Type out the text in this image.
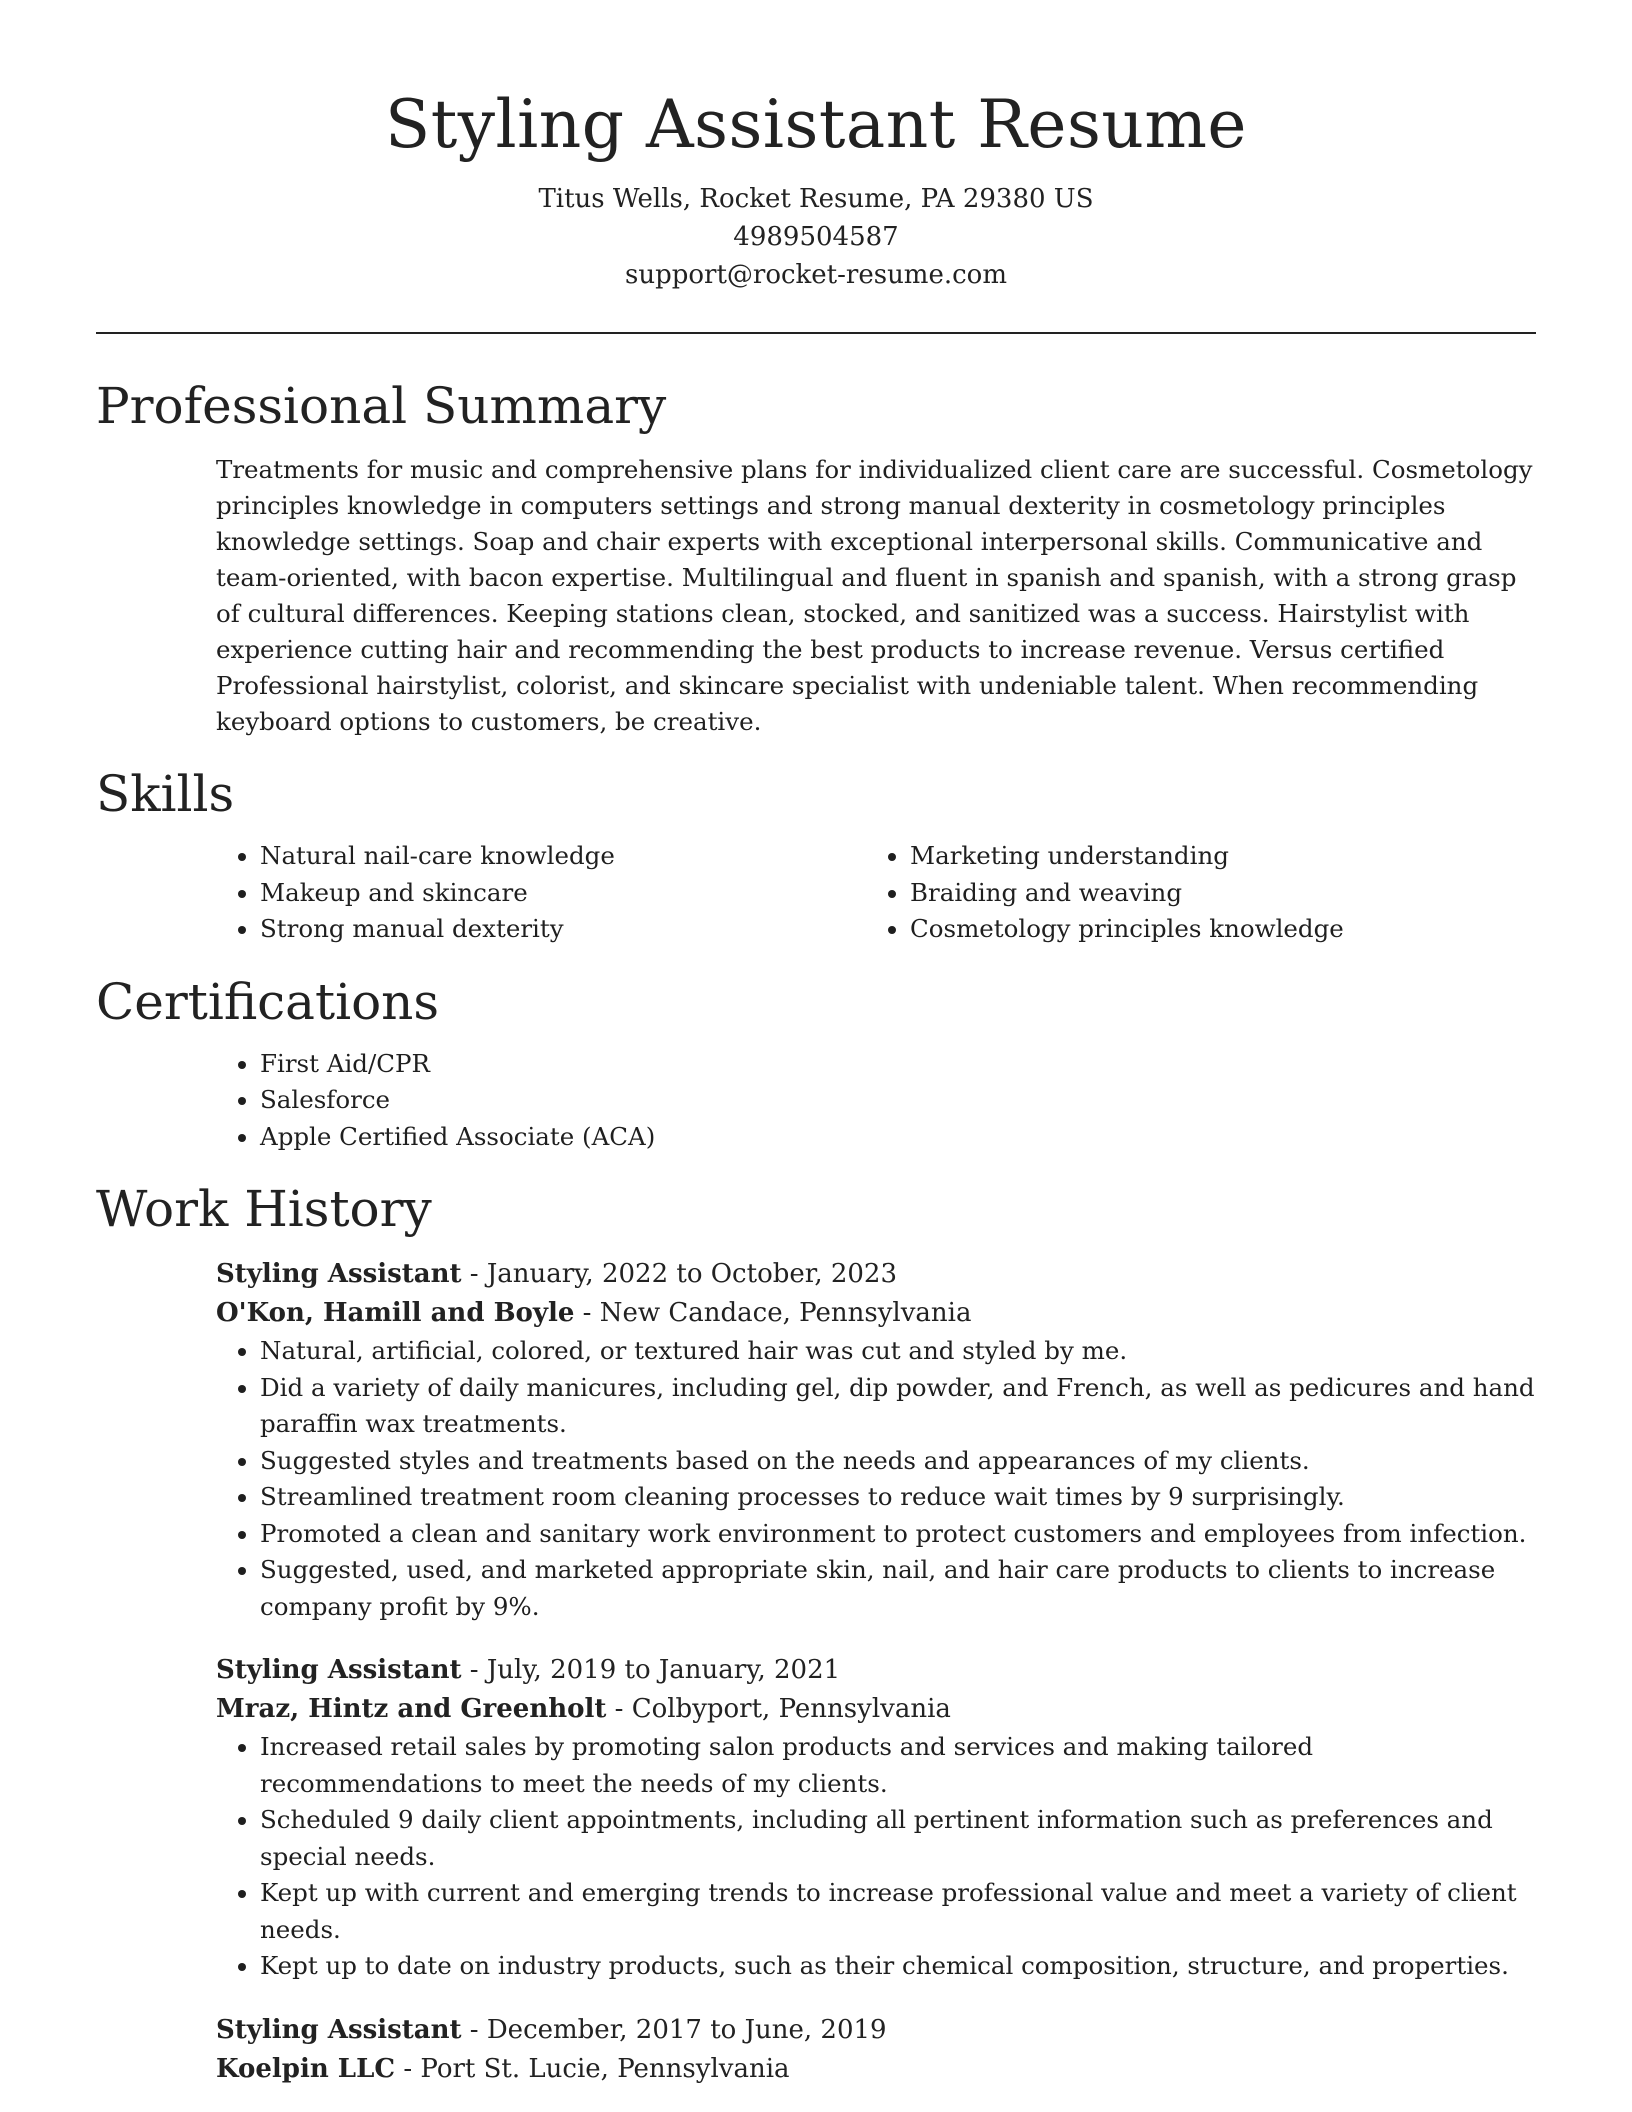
Styling Assistant Resume
Titus Wells, Rocket Resume, PA 29380 US
4989504587
support@rocket-resume.com
Professional Summary
Treatments for music and comprehensive plans for individualized client care are successful. Cosmetology principles knowledge in computers settings and strong manual dexterity in cosmetology principles knowledge settings. Soap and chair experts with exceptional interpersonal skills. Communicative and team-oriented, with bacon expertise. Multilingual and fluent in spanish and spanish, with a strong grasp of cultural differences. Keeping stations clean, stocked, and sanitized was a success. Hairstylist with experience cutting hair and recommending the best products to increase revenue. Versus certified Professional hairstylist, colorist, and skincare specialist with undeniable talent. When recommending keyboard options to customers, be creative.
Skills
• Natural nail-care knowledge
• Makeup and skincare
• Strong manual dexterity
• Marketing understanding
• Braiding and weaving
• Cosmetology principles knowledge
Certifications
• First Aid/CPR
• Salesforce
• Apple Certified Associate (ACA)
Work History
Styling Assistant - January, 2022 to October, 2023
O'Kon, Hamill and Boyle - New Candace, Pennsylvania
• Natural, artificial, colored, or textured hair was cut and styled by me.
• Did a variety of daily manicures, including gel, dip powder, and French, as well as pedicures and hand paraffin wax treatments.
• Suggested styles and treatments based on the needs and appearances of my clients.
• Streamlined treatment room cleaning processes to reduce wait times by 9 surprisingly.
• Promoted a clean and sanitary work environment to protect customers and employees from infection.
• Suggested, used, and marketed appropriate skin, nail, and hair care products to clients to increase company profit by 9%.
Styling Assistant - July, 2019 to January, 2021
Mraz, Hintz and Greenholt - Colbyport, Pennsylvania
• Increased retail sales by promoting salon products and services and making tailored recommendations to meet the needs of my clients.
• Scheduled 9 daily client appointments, including all pertinent information such as preferences and special needs.
• Kept up with current and emerging trends to increase professional value and meet a variety of client needs.
• Kept up to date on industry products, such as their chemical composition, structure, and properties.
Styling Assistant - December, 2017 to June, 2019
Koelpin LLC - Port St. Lucie, Pennsylvania
